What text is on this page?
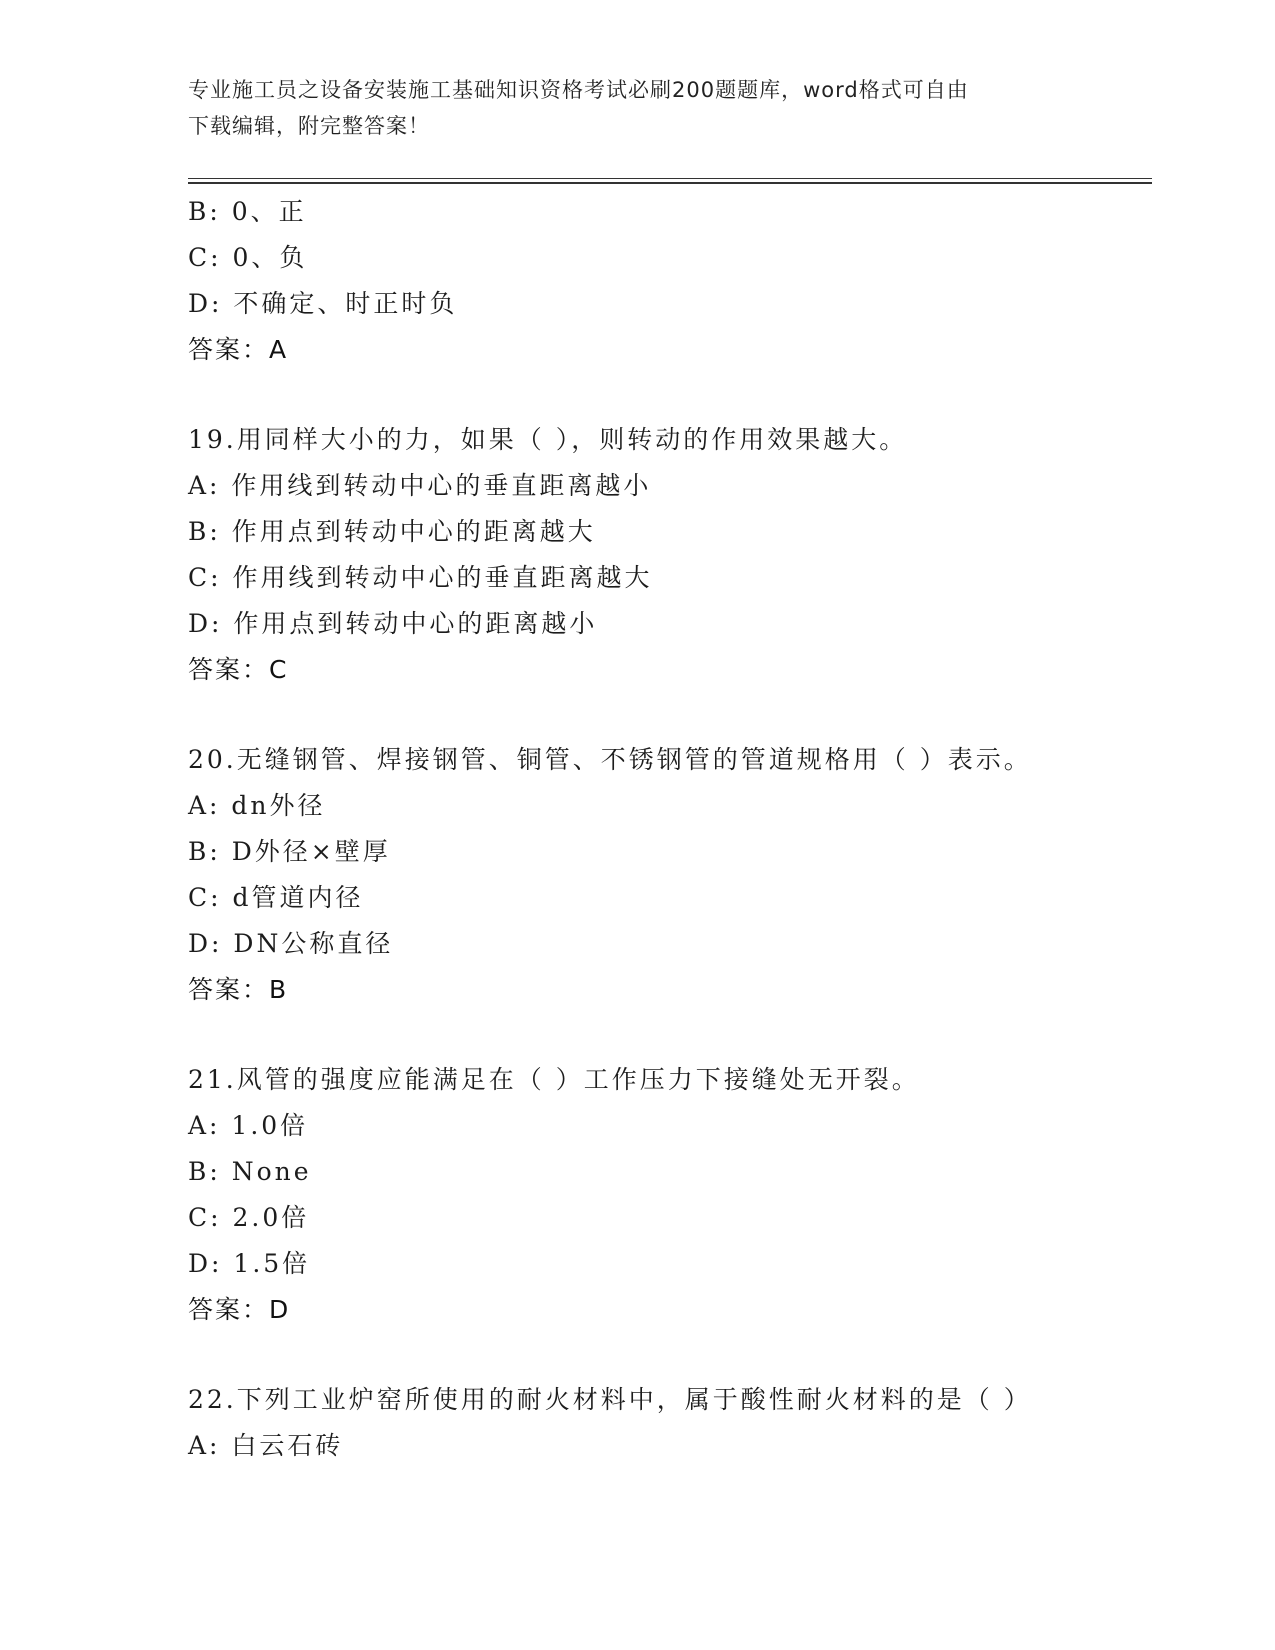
专业施工员之设备安装施工基础知识资格考试必刷200题题库，word格式可自由
下载编辑，附完整答案！
B: 0、正
C: 0、负
D: 不确定、时正时负
答案：A
19.用同样大小的力，如果（ ），则转动的作用效果越大。
A: 作用线到转动中心的垂直距离越小
B: 作用点到转动中心的距离越大
C: 作用线到转动中心的垂直距离越大
D: 作用点到转动中心的距离越小
答案：C
20.无缝钢管、焊接钢管、铜管、不锈钢管的管道规格用（ ）表示。
A: dn外径
B: D外径×壁厚
C: d管道内径
D: DN公称直径
答案：B
21.风管的强度应能满足在（ ）工作压力下接缝处无开裂。
A: 1.0倍
B: None
C: 2.0倍
D: 1.5倍
答案：D
22.下列工业炉窑所使用的耐火材料中，属于酸性耐火材料的是（ ）
A: 白云石砖
